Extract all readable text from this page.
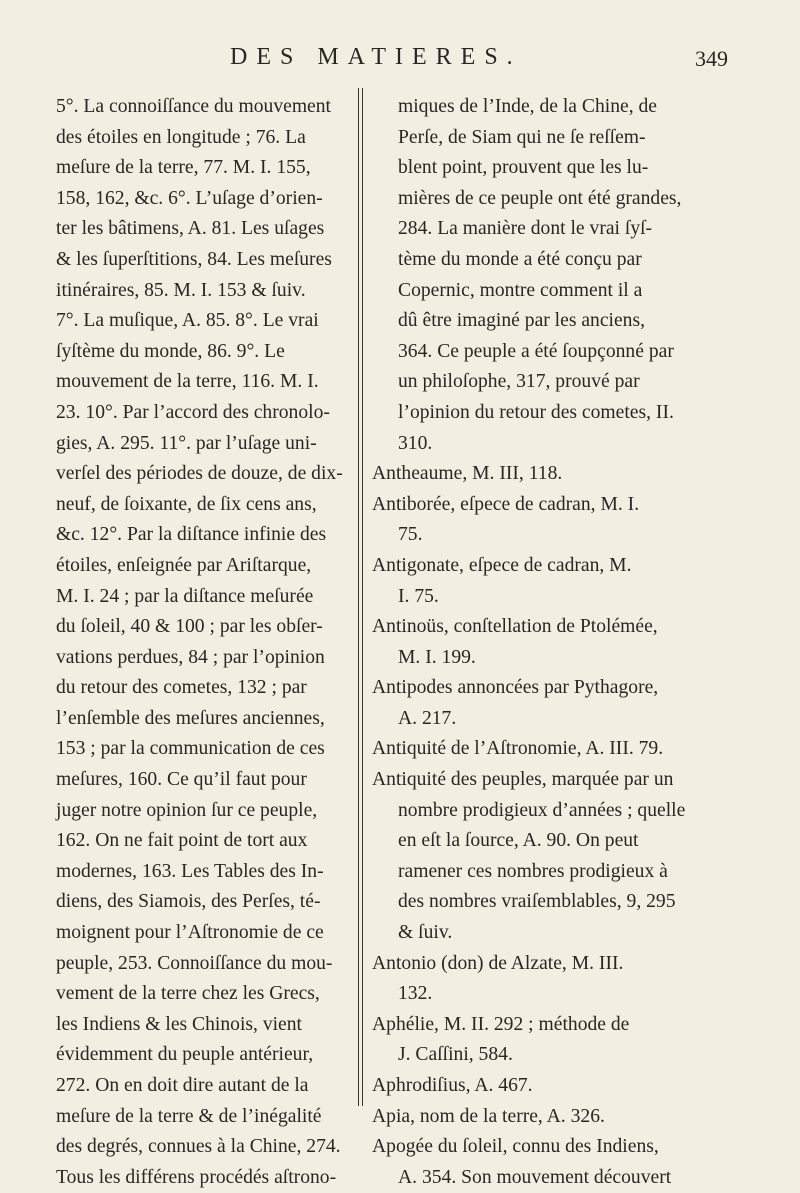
DES MATIERES.	349
5°. La connoiſſance du mouvement
des étoiles en longitude ; 76. La
meſure de la terre, 77. M. I. 155,
158, 162, &c. 6°. L’uſage d’orien-
ter les bâtimens, A. 81. Les uſages
& les ſuperſtitions, 84. Les meſures
itinéraires, 85. M. I. 153 & ſuiv.
7°. La muſique, A. 85. 8°. Le vrai
ſyſtème du monde, 86. 9°. Le
mouvement de la terre, 116. M. I.
23. 10°. Par l’accord des chronolo-
gies, A. 295. 11°. par l’uſage uni-
verſel des périodes de douze, de dix-
neuf, de ſoixante, de ſix cens ans,
&c. 12°. Par la diſtance infinie des
étoiles, enſeignée par Ariſtarque,
M. I. 24 ; par la diſtance meſurée
du ſoleil, 40 & 100 ; par les obſer-
vations perdues, 84 ; par l’opinion
du retour des cometes, 132 ; par
l’enſemble des meſures anciennes,
153 ; par la communication de ces
meſures, 160. Ce qu’il faut pour
juger notre opinion ſur ce peuple,
162. On ne fait point de tort aux
modernes, 163. Les Tables des In-
diens, des Siamois, des Perſes, té-
moignent pour l’Aſtronomie de ce
peuple, 253. Connoiſſance du mou-
vement de la terre chez les Grecs,
les Indiens & les Chinois, vient
évidemment du peuple antérieur,
272. On en doit dire autant de la
meſure de la terre & de l’inégalité
des degrés, connues à la Chine, 274.
Tous les différens procédés aſtrono-
miques de l’Inde, de la Chine, de
Perſe, de Siam qui ne ſe reſſem-
blent point, prouvent que les lu-
mières de ce peuple ont été grandes,
284. La manière dont le vrai ſyſ-
tème du monde a été conçu par
Copernic, montre comment il a
dû être imaginé par les anciens,
364. Ce peuple a été ſoupçonné par
un philoſophe, 317, prouvé par
l’opinion du retour des cometes, II.
310.
Antheaume, M. III, 118.
Antiborée, eſpece de cadran, M. I.
75.
Antigonate, eſpece de cadran, M.
I. 75.
Antinoüs, conſtellation de Ptolémée,
M. I. 199.
Antipodes annoncées par Pythagore,
A. 217.
Antiquité de l’Aſtronomie, A. III. 79.
Antiquité des peuples, marquée par un
nombre prodigieux d’années ; quelle
en eſt la ſource, A. 90. On peut
ramener ces nombres prodigieux à
des nombres vraiſemblables, 9, 295
& ſuiv.
Antonio (don) de Alzate, M. III.
132.
Aphélie, M. II. 292 ; méthode de
J. Caſſini, 584.
Aphrodiſius, A. 467.
Apia, nom de la terre, A. 326.
Apogée du ſoleil, connu des Indiens,
A. 354. Son mouvement découvert
